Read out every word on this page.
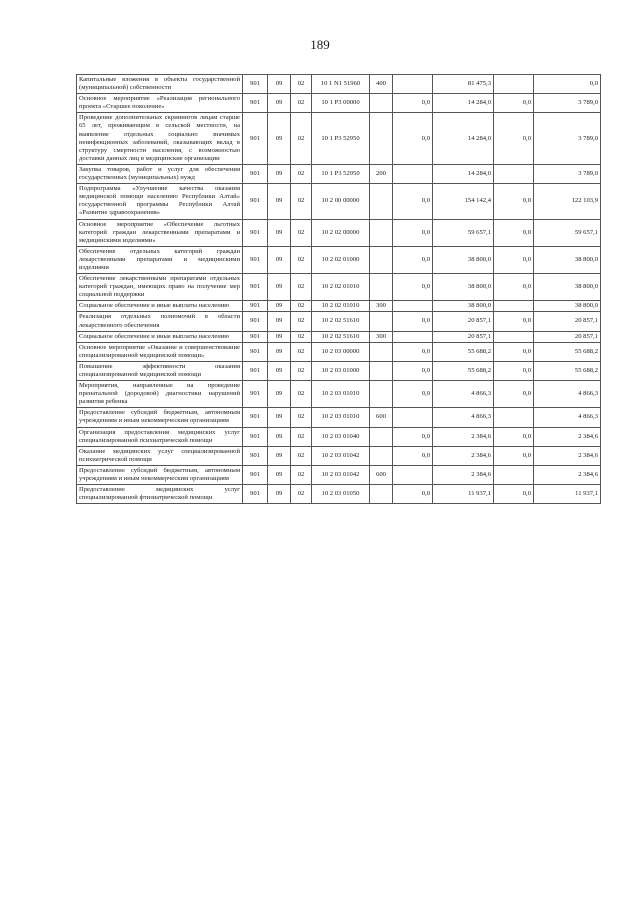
189
Капитальные вложения в объекты государственной (муниципальной) собственности	901	09	02	10 1 N1 51960	400		81 475,3		0,0
Основное мероприятие «Реализация регионального проекта «Старшее поколение»	901	09	02	10 1 P3 00000		0,0	14 284,0	0,0	3 789,0
Проведение дополнительных скринингов лицам старше 65 лет, проживающим в сельской местности, на выявление отдельных социально значимых неинфекционных заболеваний, оказывающих вклад в структуру смертности населения, с возможностью доставки данных лиц в медицинские организации	901	09	02	10 1 P3 52950		0,0	14 284,0	0,0	3 789,0
Закупка товаров, работ и услуг для обеспечения государственных (муниципальных) нужд	901	09	02	10 1 P3 52950	200		14 284,0		3 789,0
Подпрограмма «Улучшение качества оказания медицинской помощи населению Республики Алтай» государственной программы Республики Алтай «Развитие здравоохранения»	901	09	02	10 2 00 00000		0,0	154 142,4	0,0	122 103,9
Основное мероприятие «Обеспечение льготных категорий граждан лекарственными препаратами и медицинскими изделиями»	901	09	02	10 2 02 00000		0,0	59 657,1	0,0	59 657,1
Обеспечение отдельных категорий граждан лекарственными препаратами и медицинскими изделиями	901	09	02	10 2 02 01000		0,0	38 800,0	0,0	38 800,0
Обеспечение лекарственными препаратами отдельных категорий граждан, имеющих право на получение мер социальной поддержки	901	09	02	10 2 02 01010		0,0	38 800,0	0,0	38 800,0
Социальное обеспечение и иные выплаты населению	901	09	02	10 2 02 01010	300		38 800,0		38 800,0
Реализация отдельных полномочий в области лекарственного обеспечения	901	09	02	10 2 02 51610		0,0	20 857,1	0,0	20 857,1
Социальное обеспечение и иные выплаты населению	901	09	02	10 2 02 51610	300		20 857,1		20 857,1
Основное мероприятие «Оказание и совершенствование специализированной медицинской помощи»	901	09	02	10 2 03 00000		0,0	55 688,2	0,0	55 688,2
Повышение эффективности оказания специализированной медицинской помощи	901	09	02	10 2 03 01000		0,0	55 688,2	0,0	55 688,2
Мероприятия, направленные на проведение пренатальной (дородовой) диагностики нарушений развития ребенка	901	09	02	10 2 03 01010		0,0	4 866,3	0,0	4 866,3
Предоставление субсидий бюджетным, автономным учреждениям и иным некоммерческим организациям	901	09	02	10 2 03 01010	600		4 866,3		4 866,3
Организация предоставления медицинских услуг специализированной психиатрической помощи	901	09	02	10 2 03 01040		0,0	2 384,6	0,0	2 384,6
Оказание медицинских услуг специализированной психиатрической помощи	901	09	02	10 2 03 01042		0,0	2 384,6	0,0	2 384,6
Предоставление субсидий бюджетным, автономным учреждениям и иным некоммерческим организациям	901	09	02	10 2 03 01042	600		2 384,6		2 384,6
Предоставление медицинских услуг специализированной фтизиатрической помощи	901	09	02	10 2 03 01050		0,0	11 937,1	0,0	11 937,1
